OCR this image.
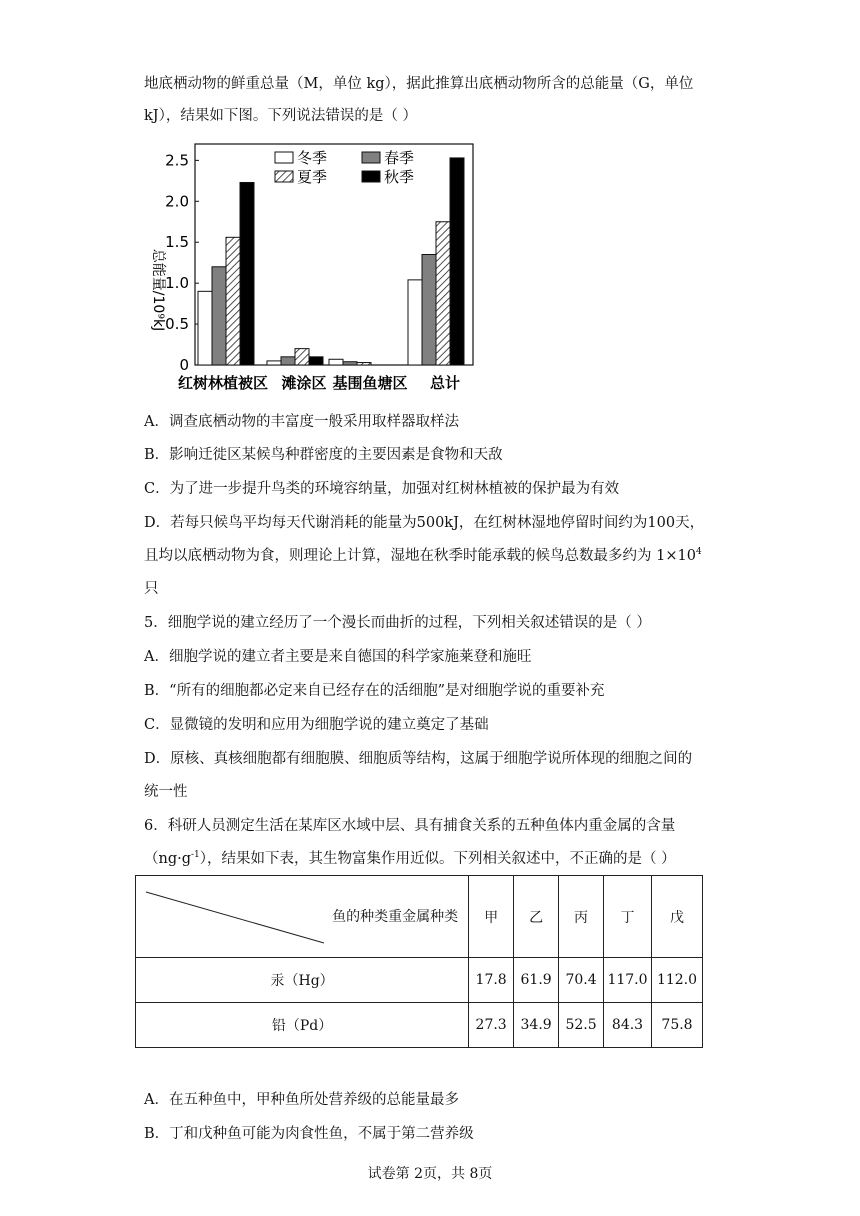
地底栖动物的鲜重总量（M，单位 kg），据此推算出底栖动物所含的总能量（G，单位
kJ），结果如下图。下列说法错误的是（ ）
0
0.5
1.0
1.5
2.0
2.5
红树林植被区 滩涂区 基围鱼塘区 总计
总能量/10⁹kJ
冬季	春季
夏季	秋季
A．调查底栖动物的丰富度一般采用取样器取样法
B．影响迁徙区某候鸟种群密度的主要因素是食物和天敌
C．为了进一步提升鸟类的环境容纳量，加强对红树林植被的保护最为有效
D．若每只候鸟平均每天代谢消耗的能量为500kJ，在红树林湿地停留时间约为100天，
且均以底栖动物为食，则理论上计算，湿地在秋季时能承载的候鸟总数最多约为 $1\times 10^4$
只
5．细胞学说的建立经历了一个漫长而曲折的过程，下列相关叙述错误的是（ ）
A．细胞学说的建立者主要是来自德国的科学家施莱登和施旺
B．“所有的细胞都必定来自已经存在的活细胞”是对细胞学说的重要补充
C．显微镜的发明和应用为细胞学说的建立奠定了基础
D．原核、真核细胞都有细胞膜、细胞质等结构，这属于细胞学说所体现的细胞之间的
统一性
6．科研人员测定生活在某库区水域中层、具有捕食关系的五种鱼体内重金属的含量
$(ng\cdot g^{-1})$，结果如下表，其生物富集作用近似。下列相关叙述中，不正确的是（ ）
鱼的种类重金属种类	甲	乙	丙	丁	戊
汞（Hg）	17.8	61.9	70.4	117.0	112.0
铅（Pd）	27.3	34.9	52.5	84.3	75.8
A．在五种鱼中，甲种鱼所处营养级的总能量最多
B．丁和戊种鱼可能为肉食性鱼，不属于第二营养级
试卷第 2页，共 8页
